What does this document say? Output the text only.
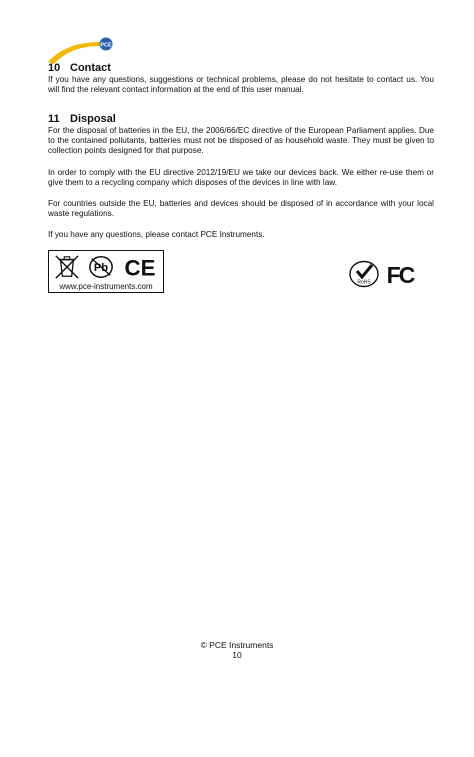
PCE
10 Contact

If you have any questions, suggestions or technical problems, please do not hesitate to contact us. You will find the relevant contact information at the end of this user manual.

11 Disposal

For the disposal of batteries in the EU, the 2006/66/EC directive of the European Parliament applies. Due to the contained pollutants, batteries must not be disposed of as household waste. They must be given to collection points designed for that purpose.

In order to comply with the EU directive 2012/19/EU we take our devices back. We either re-use them or give them to a recycling company which disposes of the devices in line with law.

For countries outside the EU, batteries and devices should be disposed of in accordance with your local waste regulations.

If you have any questions, please contact PCE Instruments.

Pb CE
www.pce-instruments.com	RoHS FC
© PCE Instruments
10
